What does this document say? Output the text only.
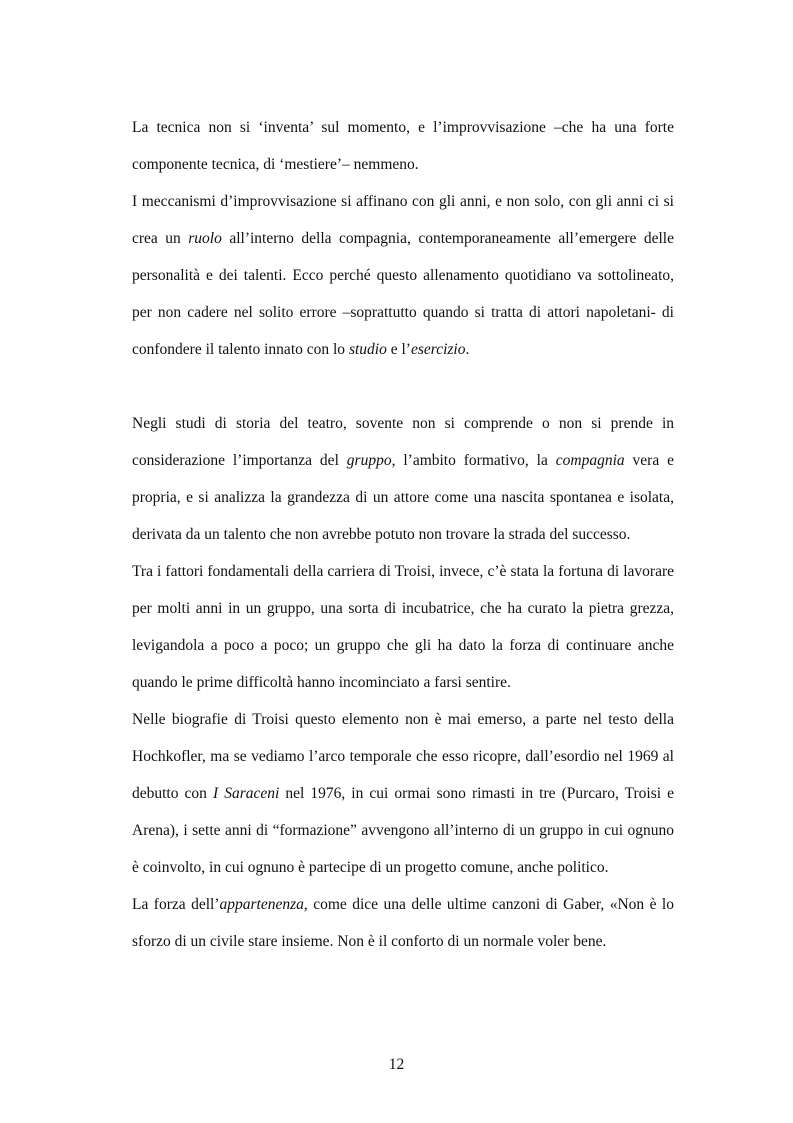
La tecnica non si ‘inventa’ sul momento, e l’improvvisazione –che ha una forte componente tecnica, di ‘mestiere’– nemmeno.

I meccanismi d’improvvisazione si affinano con gli anni, e non solo, con gli anni ci si crea un ruolo all’interno della compagnia, contemporaneamente all’emergere delle personalità e dei talenti. Ecco perché questo allenamento quotidiano va sottolineato, per non cadere nel solito errore –soprattutto quando si tratta di attori napoletani- di confondere il talento innato con lo studio e l’esercizio.

Negli studi di storia del teatro, sovente non si comprende o non si prende in considerazione l’importanza del gruppo, l’ambito formativo, la compagnia vera e propria, e si analizza la grandezza di un attore come una nascita spontanea e isolata, derivata da un talento che non avrebbe potuto non trovare la strada del successo.

Tra i fattori fondamentali della carriera di Troisi, invece, c’è stata la fortuna di lavorare per molti anni in un gruppo, una sorta di incubatrice, che ha curato la pietra grezza, levigandola a poco a poco; un gruppo che gli ha dato la forza di continuare anche quando le prime difficoltà hanno incominciato a farsi sentire.

Nelle biografie di Troisi questo elemento non è mai emerso, a parte nel testo della Hochkofler, ma se vediamo l’arco temporale che esso ricopre, dall’esordio nel 1969 al debutto con I Saraceni nel 1976, in cui ormai sono rimasti in tre (Purcaro, Troisi e Arena), i sette anni di “formazione” avvengono all’interno di un gruppo in cui ognuno è coinvolto, in cui ognuno è partecipe di un progetto comune, anche politico.

La forza dell’appartenenza, come dice una delle ultime canzoni di Gaber, «Non è lo sforzo di un civile stare insieme. Non è il conforto di un normale voler bene.

12
